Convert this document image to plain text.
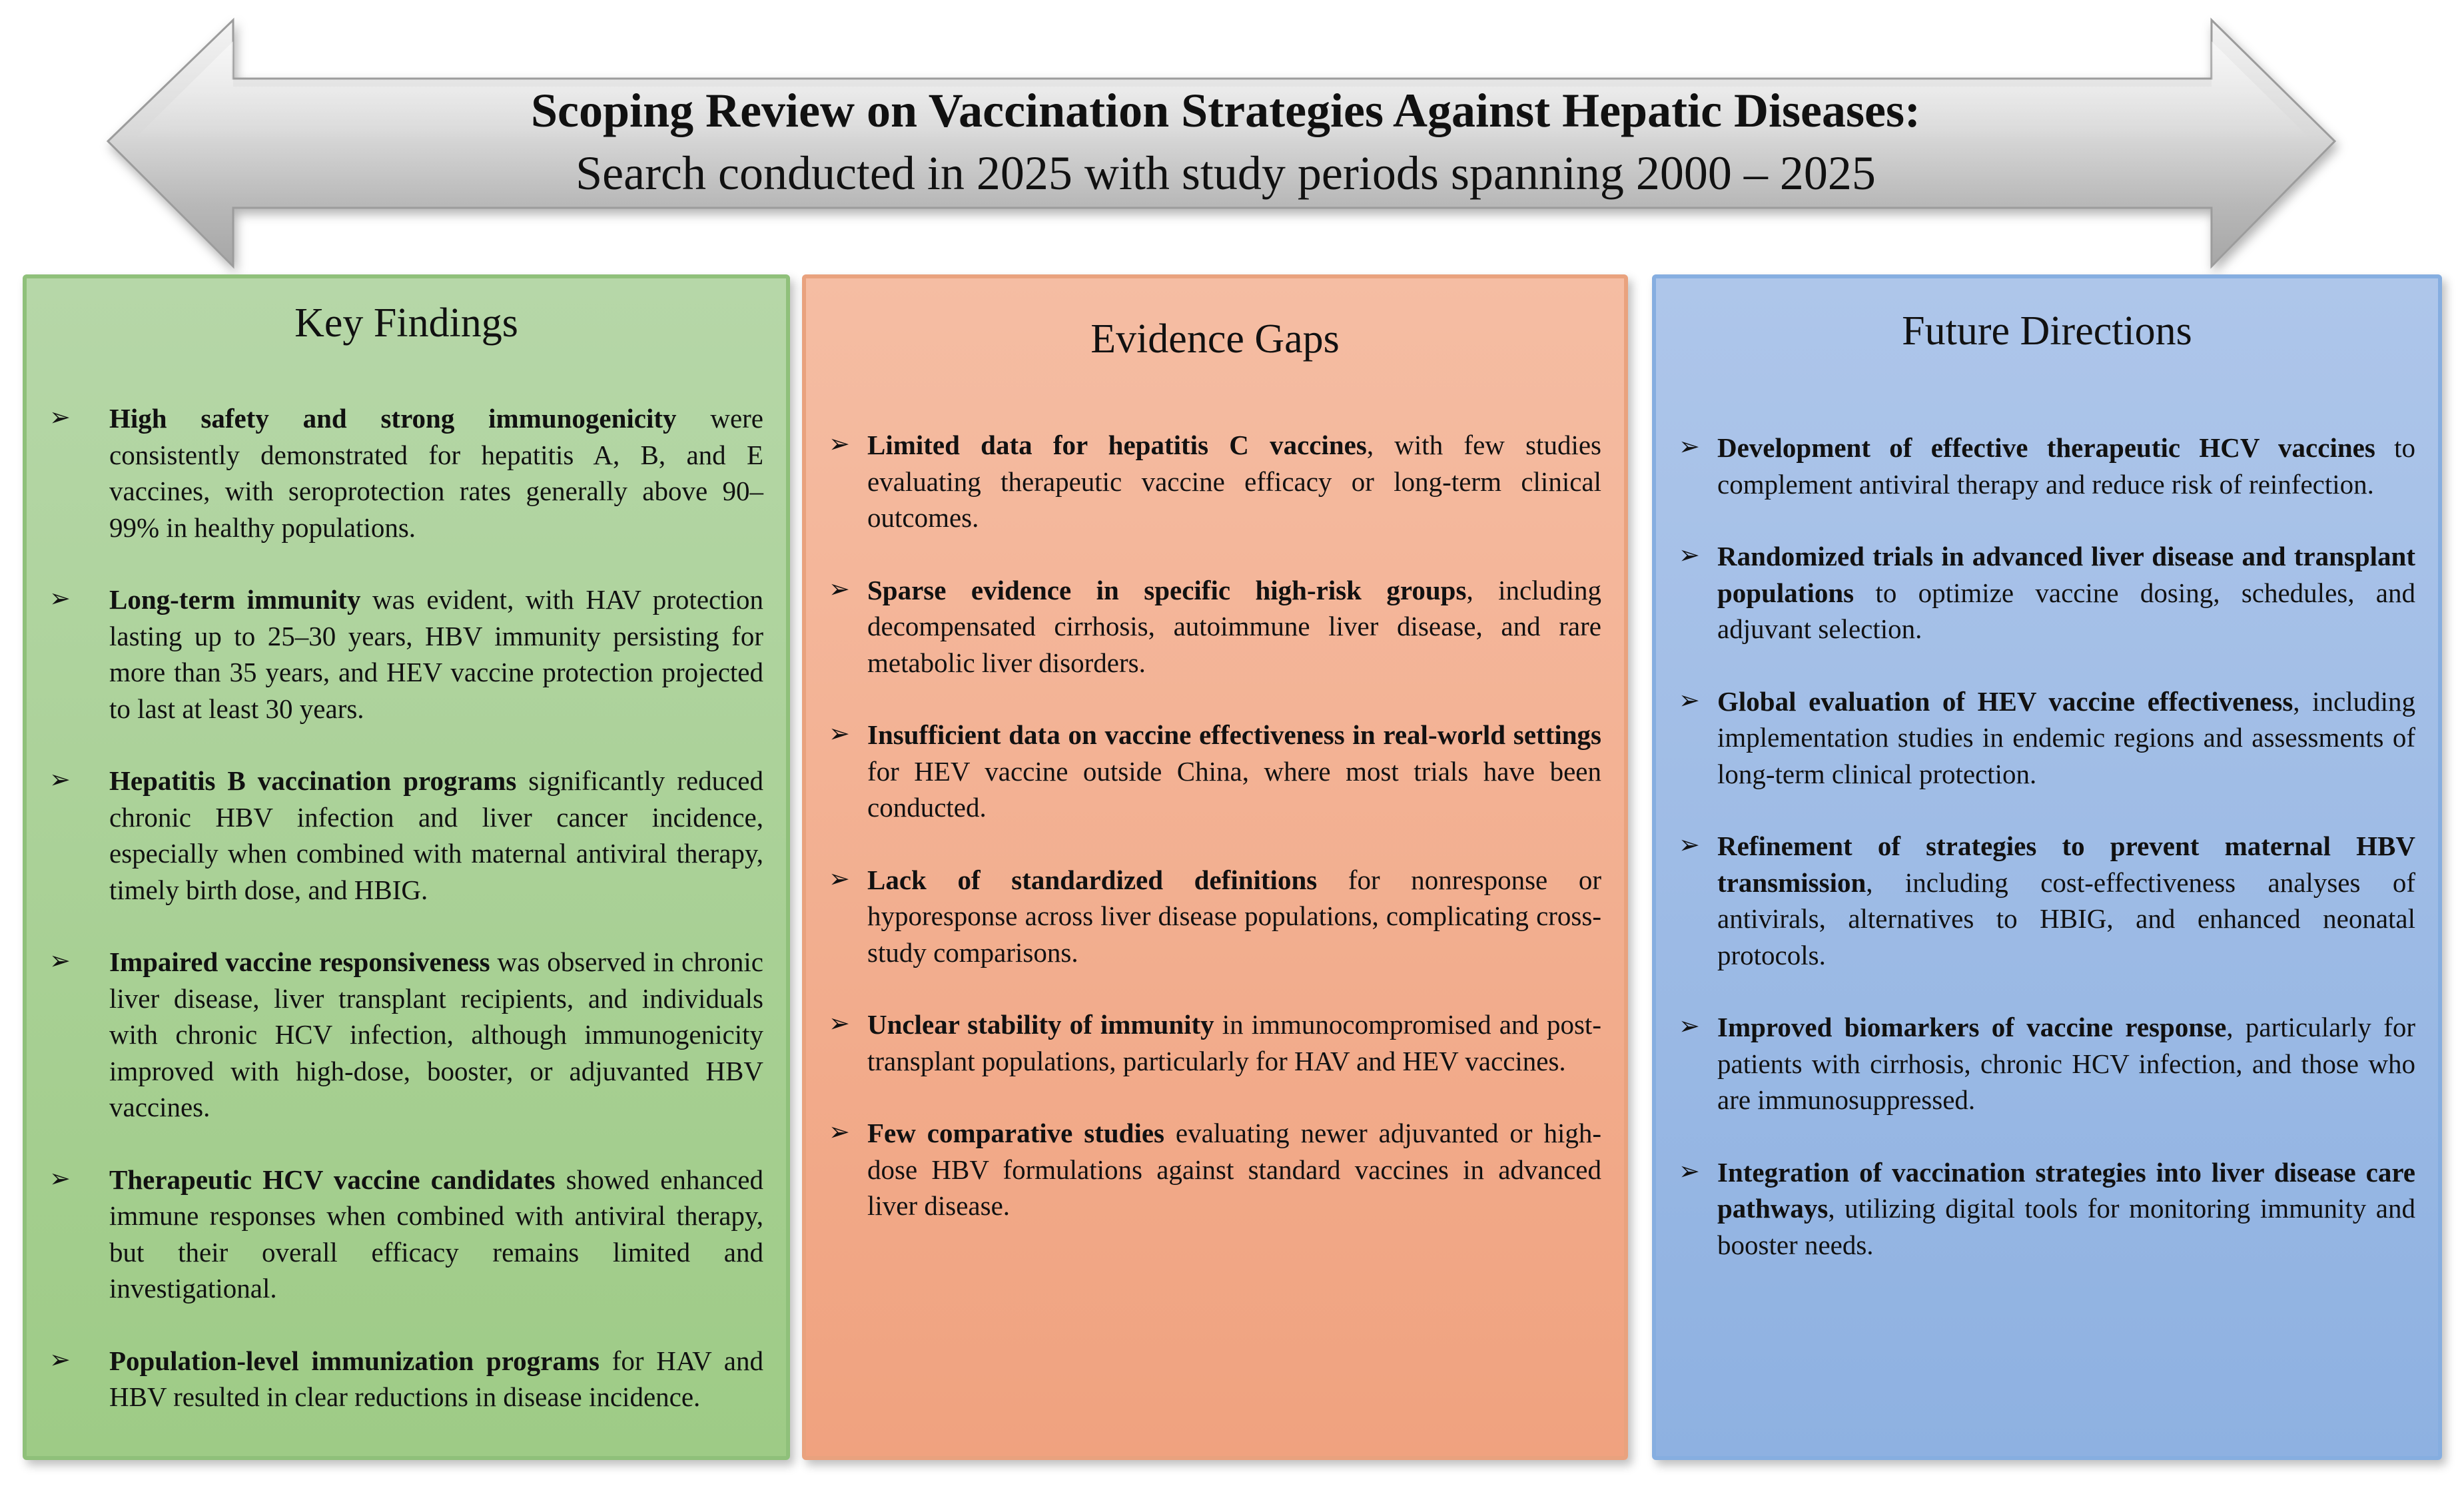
Scoping Review on Vaccination Strategies Against Hepatic Diseases:
Search conducted in 2025 with study periods spanning 2000 – 2025
Key Findings
➢ High safety and strong immunogenicity were consistently demonstrated for hepatitis A, B, and E vaccines, with seroprotection rates generally above 90–99% in healthy populations.
➢ Long-term immunity was evident, with HAV protection lasting up to 25–30 years, HBV immunity persisting for more than 35 years, and HEV vaccine protection projected to last at least 30 years.
➢ Hepatitis B vaccination programs significantly reduced chronic HBV infection and liver cancer incidence, especially when combined with maternal antiviral therapy, timely birth dose, and HBIG.
➢ Impaired vaccine responsiveness was observed in chronic liver disease, liver transplant recipients, and individuals with chronic HCV infection, although immunogenicity improved with high-dose, booster, or adjuvanted HBV vaccines.
➢ Therapeutic HCV vaccine candidates showed enhanced immune responses when combined with antiviral therapy, but their overall efficacy remains limited and investigational.
➢ Population-level immunization programs for HAV and HBV resulted in clear reductions in disease incidence.
Evidence Gaps
➢ Limited data for hepatitis C vaccines, with few studies evaluating therapeutic vaccine efficacy or long-term clinical outcomes.
➢ Sparse evidence in specific high-risk groups, including decompensated cirrhosis, autoimmune liver disease, and rare metabolic liver disorders.
➢ Insufficient data on vaccine effectiveness in real-world settings for HEV vaccine outside China, where most trials have been conducted.
➢ Lack of standardized definitions for nonresponse or hyporesponse across liver disease populations, complicating cross-study comparisons.
➢ Unclear stability of immunity in immunocompromised and post-transplant populations, particularly for HAV and HEV vaccines.
➢ Few comparative studies evaluating newer adjuvanted or high-dose HBV formulations against standard vaccines in advanced liver disease.
Future Directions
➢ Development of effective therapeutic HCV vaccines to complement antiviral therapy and reduce risk of reinfection.
➢ Randomized trials in advanced liver disease and transplant populations to optimize vaccine dosing, schedules, and adjuvant selection.
➢ Global evaluation of HEV vaccine effectiveness, including implementation studies in endemic regions and assessments of long-term clinical protection.
➢ Refinement of strategies to prevent maternal HBV transmission, including cost-effectiveness analyses of antivirals, alternatives to HBIG, and enhanced neonatal protocols.
➢ Improved biomarkers of vaccine response, particularly for patients with cirrhosis, chronic HCV infection, and those who are immunosuppressed.
➢ Integration of vaccination strategies into liver disease care pathways, utilizing digital tools for monitoring immunity and booster needs.
